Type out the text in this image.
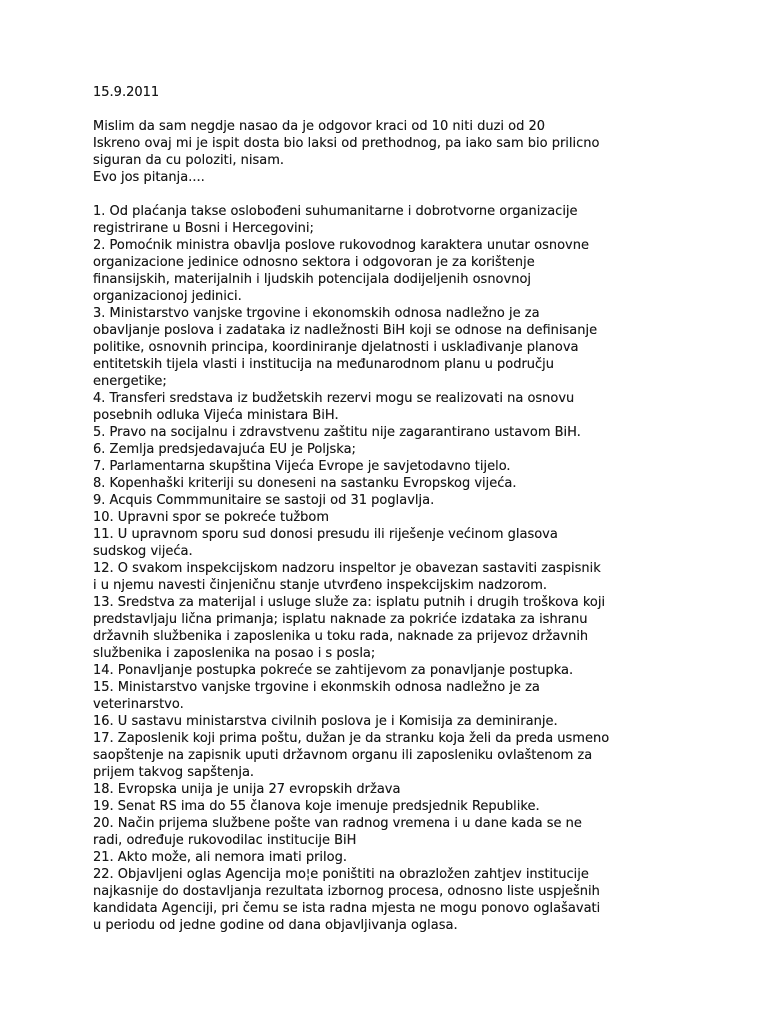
15.9.2011
Mislim da sam negdje nasao da je odgovor kraci od 10 niti duzi od 20
Iskreno ovaj mi je ispit dosta bio laksi od prethodnog, pa iako sam bio prilicno
siguran da cu poloziti, nisam.
Evo jos pitanja....
1. Od plaćanja takse oslobođeni suhumanitarne i dobrotvorne organizacije
registrirane u Bosni i Hercegovini;
2. Pomoćnik ministra obavlja poslove rukovodnog karaktera unutar osnovne
organizacione jedinice odnosno sektora i odgovoran je za korištenje
finansijskih, materijalnih i ljudskih potencijala dodijeljenih osnovnoj
organizacionoj jedinici.
3. Ministarstvo vanjske trgovine i ekonomskih odnosa nadležno je za
obavljanje poslova i zadataka iz nadležnosti BiH koji se odnose na definisanje
politike, osnovnih principa, koordiniranje djelatnosti i usklađivanje planova
entitetskih tijela vlasti i institucija na međunarodnom planu u području
energetike;
4. Transferi sredstava iz budžetskih rezervi mogu se realizovati na osnovu
posebnih odluka Vijeća ministara BiH.
5. Pravo na socijalnu i zdravstvenu zaštitu nije zagarantirano ustavom BiH.
6. Zemlja predsjedavajuća EU je Poljska;
7. Parlamentarna skupština Vijeća Evrope je savjetodavno tijelo.
8. Kopenhaški kriteriji su doneseni na sastanku Evropskog vijeća.
9. Acquis Commmunitaire se sastoji od 31 poglavlja.
10. Upravni spor se pokreće tužbom
11. U upravnom sporu sud donosi presudu ili riješenje većinom glasova
sudskog vijeća.
12. O svakom inspekcijskom nadzoru inspeltor je obavezan sastaviti zaspisnik
i u njemu navesti činjeničnu stanje utvrđeno inspekcijskim nadzorom.
13. Sredstva za materijal i usluge služe za: isplatu putnih i drugih troškova koji
predstavljaju lična primanja; isplatu naknade za pokriće izdataka za ishranu
državnih službenika i zaposlenika u toku rada, naknade za prijevoz državnih
službenika i zaposlenika na posao i s posla;
14. Ponavljanje postupka pokreće se zahtijevom za ponavljanje postupka.
15. Ministarstvo vanjske trgovine i ekonmskih odnosa nadležno je za
veterinarstvo.
16. U sastavu ministarstva civilnih poslova je i Komisija za deminiranje.
17. Zaposlenik koji prima poštu, dužan je da stranku koja želi da preda usmeno
saopštenje na zapisnik uputi državnom organu ili zaposleniku ovlaštenom za
prijem takvog sapštenja.
18. Evropska unija je unija 27 evropskih država
19. Senat RS ima do 55 članova koje imenuje predsjednik Republike.
20. Način prijema službene pošte van radnog vremena i u dane kada se ne
radi, određuje rukovodilac institucije BiH
21. Akto može, ali nemora imati prilog.
22. Objavljeni oglas Agencija mo¦e poništiti na obrazložen zahtjev institucije
najkasnije do dostavljanja rezultata izbornog procesa, odnosno liste uspješnih
kandidata Agenciji, pri čemu se ista radna mjesta ne mogu ponovo oglašavati
u periodu od jedne godine od dana objavljivanja oglasa.
